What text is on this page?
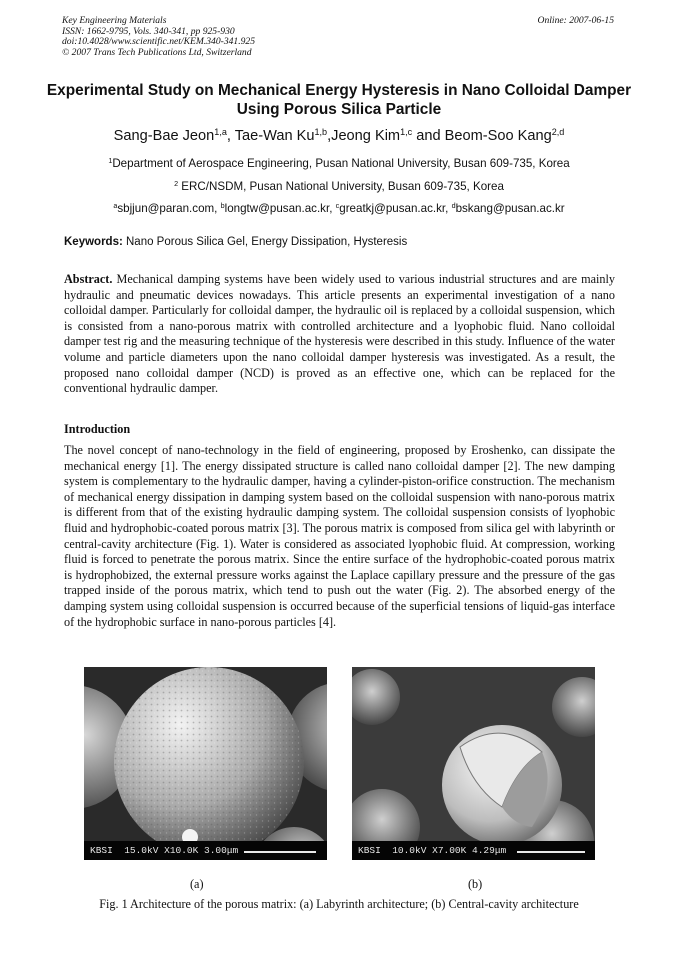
Key Engineering Materials
ISSN: 1662-9795, Vols. 340-341, pp 925-930
doi:10.4028/www.scientific.net/KEM.340-341.925
© 2007 Trans Tech Publications Ltd, Switzerland
Online: 2007-06-15
Experimental Study on Mechanical Energy Hysteresis in Nano Colloidal Damper Using Porous Silica Particle
Sang-Bae Jeon$^{1,a}$, Tae-Wan Ku$^{1,b}$,Jeong Kim$^{1,c}$ and Beom-Soo Kang$^{2,d}$
$^1$Department of Aerospace Engineering, Pusan National University, Busan 609-735, Korea
$^2$ ERC/NSDM, Pusan National University, Busan 609-735, Korea
$^a$sbjjun@paran.com, $^b$longtw@pusan.ac.kr, $^c$greatkj@pusan.ac.kr, $^d$bskang@pusan.ac.kr
Keywords: Nano Porous Silica Gel, Energy Dissipation, Hysteresis
Abstract. Mechanical damping systems have been widely used to various industrial structures and are mainly hydraulic and pneumatic devices nowadays. This article presents an experimental investigation of a nano colloidal damper. Particularly for colloidal damper, the hydraulic oil is replaced by a colloidal suspension, which is consisted from a nano-porous matrix with controlled architecture and a lyophobic fluid. Nano colloidal damper test rig and the measuring technique of the hysteresis were described in this study. Influence of the water volume and particle diameters upon the nano colloidal damper hysteresis was investigated. As a result, the proposed nano colloidal damper (NCD) is proved as an effective one, which can be replaced for the conventional hydraulic damper.
Introduction
The novel concept of nano-technology in the field of engineering, proposed by Eroshenko, can dissipate the mechanical energy [1]. The energy dissipated structure is called nano colloidal damper [2]. The new damping system is complementary to the hydraulic damper, having a cylinder-piston-orifice construction. The mechanism of mechanical energy dissipation in damping system based on the colloidal suspension with nano-porous matrix is different from that of the existing hydraulic damping system. The colloidal suspension consists of lyophobic fluid and hydrophobic-coated porous matrix [3]. The porous matrix is composed from silica gel with labyrinth or central-cavity architecture (Fig. 1). Water is considered as associated lyophobic fluid. At compression, working fluid is forced to penetrate the porous matrix. Since the entire surface of the hydrophobic-coated porous matrix is hydrophobized, the external pressure works against the Laplace capillary pressure and the pressure of the gas trapped inside of the porous matrix, which tend to push out the water (Fig. 2). The absorbed energy of the damping system using colloidal suspension is occurred because of the superficial tensions of liquid-gas interface of the hydrophobic surface in nano-porous particles [4].
KBSI  15.0kV X10.0K 3.00μm	KBSI  10.0kV X7.00K 4.29μm
(a)	(b)
Fig. 1 Architecture of the porous matrix: (a) Labyrinth architecture; (b) Central-cavity architecture
